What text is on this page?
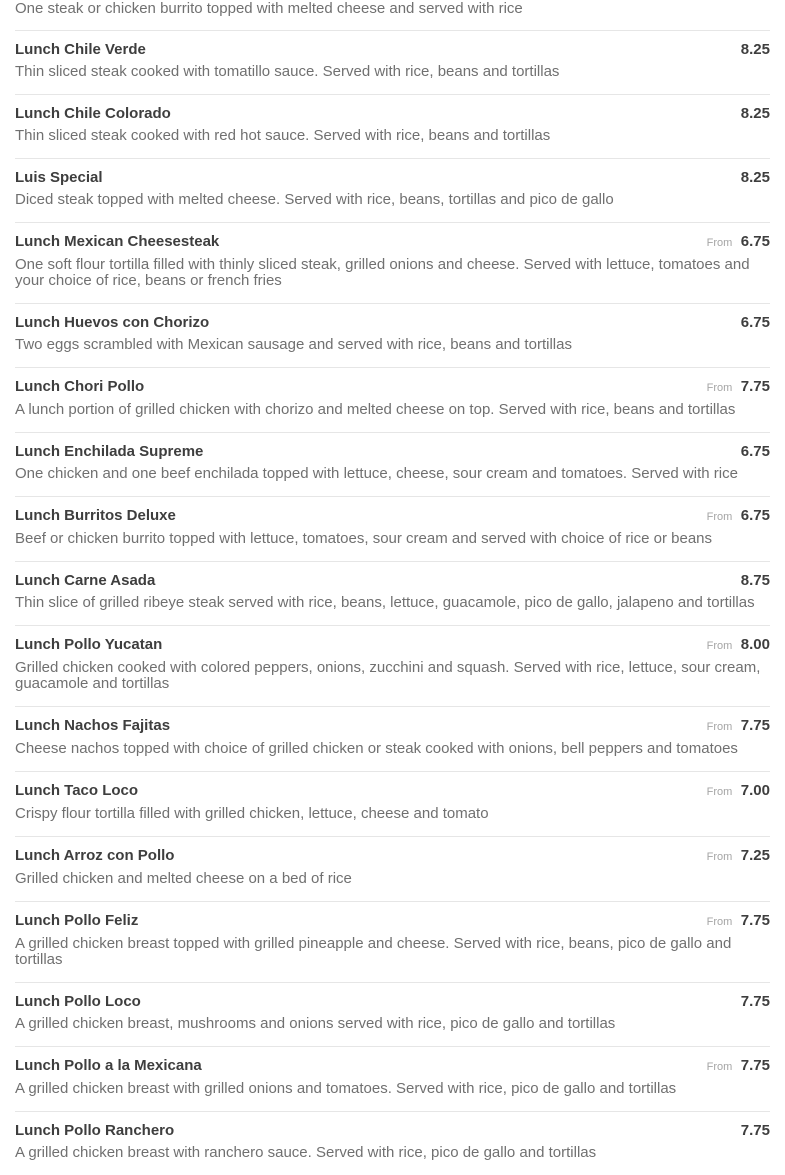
One steak or chicken burrito topped with melted cheese and served with rice
Lunch Chile Verde	8.25
Thin sliced steak cooked with tomatillo sauce. Served with rice, beans and tortillas
Lunch Chile Colorado	8.25
Thin sliced steak cooked with red hot sauce. Served with rice, beans and tortillas
Luis Special	8.25
Diced steak topped with melted cheese. Served with rice, beans, tortillas and pico de gallo
Lunch Mexican Cheesesteak	From 6.75
One soft flour tortilla filled with thinly sliced steak, grilled onions and cheese. Served with lettuce, tomatoes and your choice of rice, beans or french fries
Lunch Huevos con Chorizo	6.75
Two eggs scrambled with Mexican sausage and served with rice, beans and tortillas
Lunch Chori Pollo	From 7.75
A lunch portion of grilled chicken with chorizo and melted cheese on top. Served with rice, beans and tortillas
Lunch Enchilada Supreme	6.75
One chicken and one beef enchilada topped with lettuce, cheese, sour cream and tomatoes. Served with rice
Lunch Burritos Deluxe	From 6.75
Beef or chicken burrito topped with lettuce, tomatoes, sour cream and served with choice of rice or beans
Lunch Carne Asada	8.75
Thin slice of grilled ribeye steak served with rice, beans, lettuce, guacamole, pico de gallo, jalapeno and tortillas
Lunch Pollo Yucatan	From 8.00
Grilled chicken cooked with colored peppers, onions, zucchini and squash. Served with rice, lettuce, sour cream, guacamole and tortillas
Lunch Nachos Fajitas	From 7.75
Cheese nachos topped with choice of grilled chicken or steak cooked with onions, bell peppers and tomatoes
Lunch Taco Loco	From 7.00
Crispy flour tortilla filled with grilled chicken, lettuce, cheese and tomato
Lunch Arroz con Pollo	From 7.25
Grilled chicken and melted cheese on a bed of rice
Lunch Pollo Feliz	From 7.75
A grilled chicken breast topped with grilled pineapple and cheese. Served with rice, beans, pico de gallo and tortillas
Lunch Pollo Loco	7.75
A grilled chicken breast, mushrooms and onions served with rice, pico de gallo and tortillas
Lunch Pollo a la Mexicana	From 7.75
A grilled chicken breast with grilled onions and tomatoes. Served with rice, pico de gallo and tortillas
Lunch Pollo Ranchero	7.75
A grilled chicken breast with ranchero sauce. Served with rice, pico de gallo and tortillas
